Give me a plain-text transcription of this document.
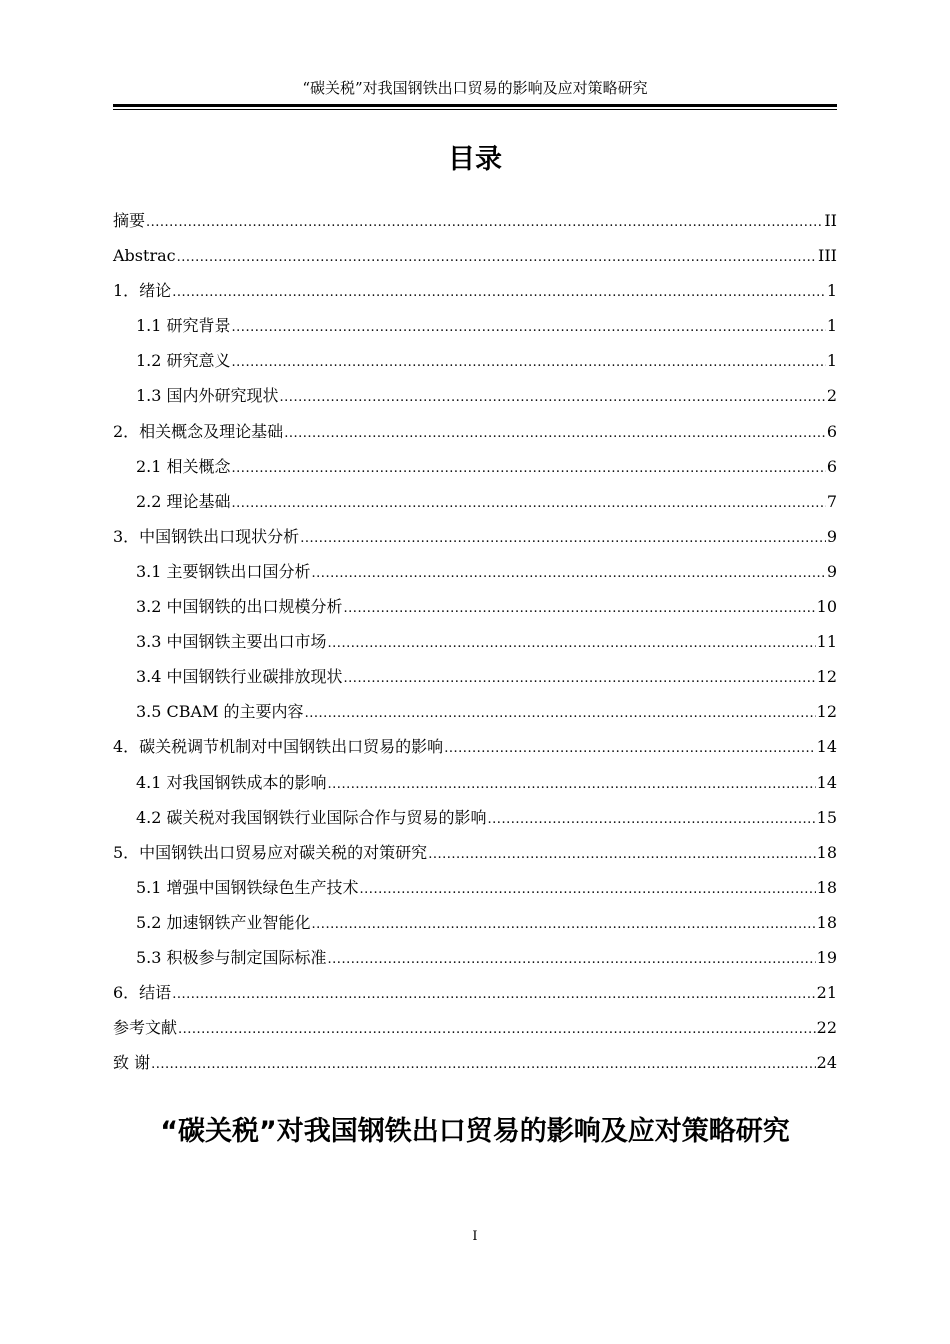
“碳关税”对我国钢铁出口贸易的影响及应对策略研究
目录
摘要 .....	II
Abstrac .....	III
1．绪论 .....	1
1.1 研究背景 .....	1
1.2 研究意义 .....	1
1.3 国内外研究现状 .....	2
2．相关概念及理论基础 .....	6
2.1 相关概念 .....	6
2.2 理论基础 .....	7
3．中国钢铁出口现状分析 .....	9
3.1 主要钢铁出口国分析 .....	9
3.2 中国钢铁的出口规模分析 .....	10
3.3 中国钢铁主要出口市场 .....	11
3.4 中国钢铁行业碳排放现状 .....	12
3.5 CBAM 的主要内容 .....	12
4．碳关税调节机制对中国钢铁出口贸易的影响 .....	14
4.1 对我国钢铁成本的影响 .....	14
4.2 碳关税对我国钢铁行业国际合作与贸易的影响 .....	15
5．中国钢铁出口贸易应对碳关税的对策研究 .....	18
5.1 增强中国钢铁绿色生产技术 .....	18
5.2 加速钢铁产业智能化 .....	18
5.3 积极参与制定国际标准 .....	19
6．结语 .....	21
参考文献 .....	22
致 谢 .....	24
“碳关税”对我国钢铁出口贸易的影响及应对策略研究
I
